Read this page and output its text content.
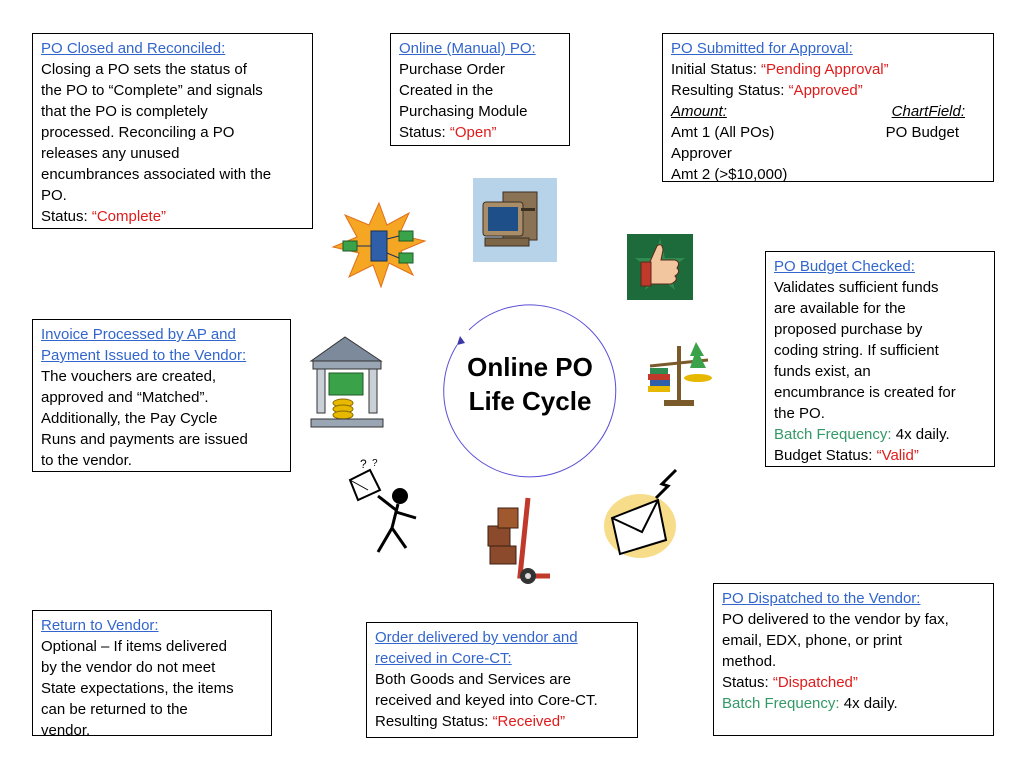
Online PO
Life Cycle
PO Closed and Reconciled:
Closing a PO sets the status of
the PO to “Complete” and signals
that the PO is completely
processed. Reconciling a PO
releases any unused
encumbrances associated with the
PO.
Status: “Complete”
Online (Manual) PO:
Purchase Order
Created in the
Purchasing Module
Status: “Open”
PO Submitted for Approval:
Initial Status: “Pending Approval”
Resulting Status: “Approved”
Amount:	ChartField:
Amt 1 (All POs)	PO Budget
Approver
Amt 2 (>$10,000)
PO Budget Checked:
Validates sufficient funds
are available for the
proposed purchase by
coding string. If sufficient
funds exist, an
encumbrance is created for
the PO.
Batch Frequency: 4x daily.
Budget Status: “Valid”
Invoice Processed by AP and
Payment Issued to the Vendor:
The vouchers are created,
approved and “Matched”.
Additionally, the Pay Cycle
Runs and payments are issued
to the vendor.
PO Dispatched to the Vendor:
PO delivered to the vendor by fax,
email, EDX, phone, or print
method.
Status: “Dispatched”
Batch Frequency: 4x daily.
Return to Vendor:
Optional – If items delivered
by the vendor do not meet
State expectations, the items
can be returned to the
vendor.
Order delivered by vendor and
received in Core-CT:
Both Goods and Services are
received and keyed into Core-CT.
Resulting Status: “Received”
? ?
